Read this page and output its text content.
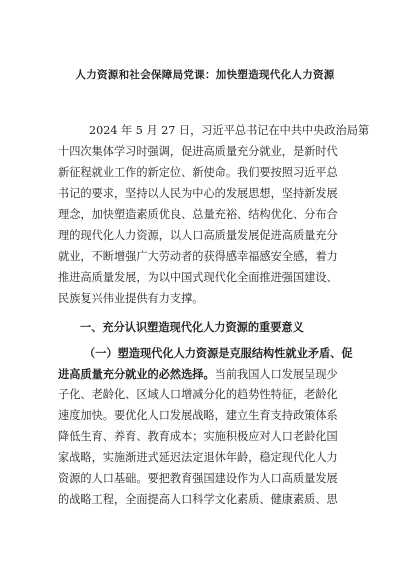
人力资源和社会保障局党课：加快塑造现代化人力资源
2024 年 5 月 27 日，习近平总书记在中共中央政治局第
十四次集体学习时强调，促进高质量充分就业，是新时代
新征程就业工作的新定位、新使命。我们要按照习近平总
书记的要求，坚持以人民为中心的发展思想，坚持新发展
理念，加快塑造素质优良、总量充裕、结构优化、分布合
理的现代化人力资源，以人口高质量发展促进高质量充分
就业，不断增强广大劳动者的获得感幸福感安全感，着力
推进高质量发展，为以中国式现代化全面推进强国建设、
民族复兴伟业提供有力支撑。
一、充分认识塑造现代化人力资源的重要意义
（一）塑造现代化人力资源是克服结构性就业矛盾、促
进高质量充分就业的必然选择。当前我国人口发展呈现少
子化、老龄化、区域人口增减分化的趋势性特征，老龄化
速度加快。要优化人口发展战略，建立生育支持政策体系
降低生育、养育、教育成本；实施积极应对人口老龄化国
家战略，实施渐进式延迟法定退休年龄，稳定现代化人力
资源的人口基础。要把教育强国建设作为人口高质量发展
的战略工程，全面提高人口科学文化素质、健康素质、思
